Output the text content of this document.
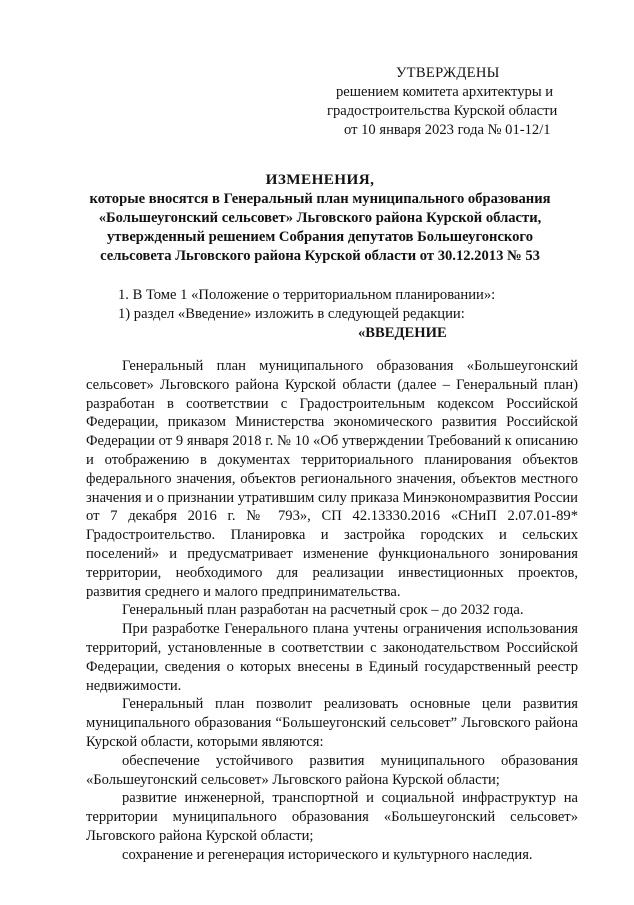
УТВЕРЖДЕНЫ
решением комитета архитектуры и
градостроительства Курской области
от 10 января 2023 года № 01-12/1
ИЗМЕНЕНИЯ,
которые вносятся в Генеральный план муниципального образования
«Большеугонский сельсовет» Льговского района Курской области,
утвержденный решением Собрания депутатов Большеугонского
сельсовета Льговского района Курской области от 30.12.2013 № 53
1. В Томе 1 «Положение о территориальном планировании»:
1) раздел «Введение» изложить в следующей редакции:
«ВВЕДЕНИЕ

Генеральный план муниципального образования «Большеугонский сельсовет» Льговского района Курской области (далее – Генеральный план) разработан в соответствии с Градостроительным кодексом Российской Федерации, приказом Министерства экономического развития Российской Федерации от 9 января 2018 г. № 10 «Об утверждении Требований к описанию и отображению в документах территориального планирования объектов федерального значения, объектов регионального значения, объектов местного значения и о признании утратившим силу приказа Минэкономразвития России от 7 декабря 2016 г. № 793», СП 42.13330.2016 «СНиП 2.07.01-89* Градостроительство. Планировка и застройка городских и сельских поселений» и предусматривает изменение функционального зонирования территории, необходимого для реализации инвестиционных проектов, развития среднего и малого предпринимательства.

Генеральный план разработан на расчетный срок – до 2032 года.

При разработке Генерального плана учтены ограничения использования территорий, установленные в соответствии с законодательством Российской Федерации, сведения о которых внесены в Единый государственный реестр недвижимости.

Генеральный план позволит реализовать основные цели развития муниципального образования “Большеугонский сельсовет” Льговского района Курской области, которыми являются:

обеспечение устойчивого развития муниципального образования «Большеугонский сельсовет» Льговского района Курской области;

развитие инженерной, транспортной и социальной инфраструктур на территории муниципального образования «Большеугонский сельсовет» Льговского района Курской области;

сохранение и регенерация исторического и культурного наследия.
